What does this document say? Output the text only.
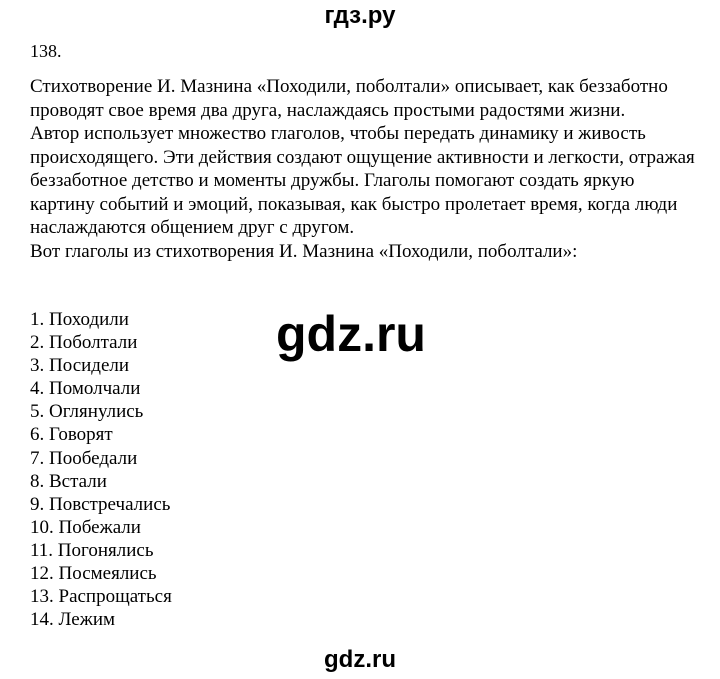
гдз.ру
138.

Стихотворение И. Мазнина «Походили, поболтали» описывает, как беззаботно проводят свое время два друга, наслаждаясь простыми радостями жизни.

Автор использует множество глаголов, чтобы передать динамику и живость происходящего. Эти действия создают ощущение активности и легкости, отражая беззаботное детство и моменты дружбы. Глаголы помогают создать яркую картину событий и эмоций, показывая, как быстро пролетает время, когда люди наслаждаются общением друг с другом.

Вот глаголы из стихотворения И. Мазнина «Походили, поболтали»:

1. Походили
2. Поболтали
3. Посидели
4. Помолчали
5. Оглянулись
6. Говорят
7. Пообедали
8. Встали
9. Повстречались
10. Побежали
11. Погонялись
12. Посмеялись
13. Распрощаться
14. Лежим
gdz.ru
gdz.ru
